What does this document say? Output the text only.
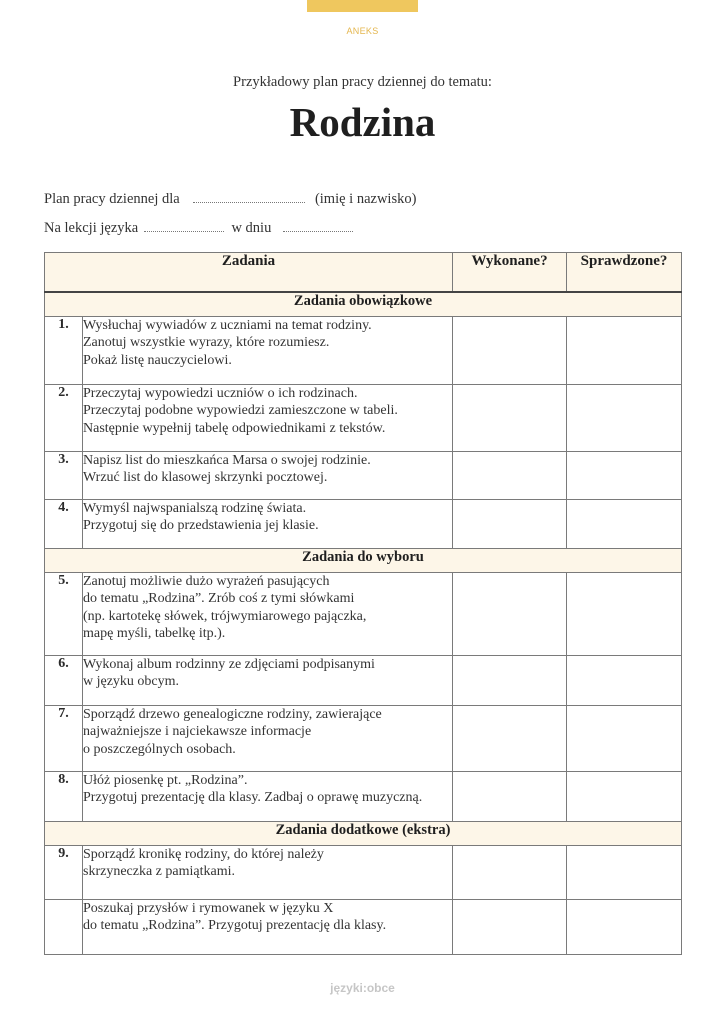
ANEKS
Przykładowy plan pracy dziennej do tematu:
Rodzina
Plan pracy dziennej dla	(imię i nazwisko)
Na lekcji języka	w dniu
Zadania		Wykonane?	Sprawdzone?
Zadania obowiązkowe			
1.	Wysłuchaj wywiadów z uczniami na temat rodziny.
Zanotuj wszystkie wyrazy, które rozumiesz.
Pokaż listę nauczycielowi.		

2.	Przeczytaj wypowiedzi uczniów o ich rodzinach.
Przeczytaj podobne wypowiedzi zamieszczone w tabeli.
Następnie wypełnij tabelę odpowiednikami z tekstów.		

3.	Napisz list do mieszkańca Marsa o swojej rodzinie.
Wrzuć list do klasowej skrzynki pocztowej.		

4.	Wymyśl najwspanialszą rodzinę świata.
Przygotuj się do przedstawienia jej klasie.		

Zadania do wyboru			
5.	Zanotuj możliwie dużo wyrażeń pasujących
do tematu „Rodzina”. Zrób coś z tymi słówkami
(np. kartotekę słówek, trójwymiarowego pajączka,
mapę myśli, tabelkę itp.).		

6.	Wykonaj album rodzinny ze zdjęciami podpisanymi
w języku obcym.		

7.	Sporządź drzewo genealogiczne rodziny, zawierające
najważniejsze i najciekawsze informacje
o poszczególnych osobach.		

8.	Ułóż piosenkę pt. „Rodzina”.
Przygotuj prezentację dla klasy. Zadbaj o oprawę muzyczną.		

Zadania dodatkowe (ekstra)			
9.	Sporządź kronikę rodziny, do której należy
skrzyneczka z pamiątkami.		

	Poszukaj przysłów i rymowanek w języku X
do tematu „Rodzina”. Przygotuj prezentację dla klasy.		

języki:obce
